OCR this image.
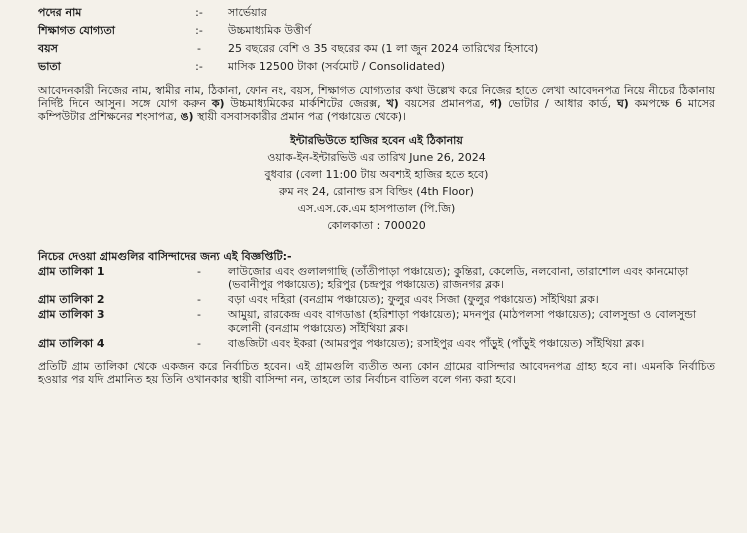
পদের নাম	:-	সার্ভেয়ার
শিক্ষাগত যোগ্যতা	:-	উচ্চমাধ্যমিক উত্তীর্ণ
বয়স	-	25 বছরের বেশি ও 35 বছরের কম (1 লা জুন 2024 তারিখের হিসাবে)
ভাতা	:-	মাসিক 12500 টাকা (সর্বমোট / Consolidated)

আবেদনকারী নিজের নাম, স্বামীর নাম, ঠিকানা, ফোন নং, বয়স, শিক্ষাগত যোগ্যতার কথা উল্লেখ করে নিজের হাতে লেখা আবেদনপত্র নিয়ে নীচের ঠিকানায় নির্দিষ্ট দিনে আসুন। সঙ্গে যোগ করুন ক) উচ্চমাধ্যমিকের মার্কশিটের জেরক্স, খ) বয়সের প্রমানপত্র, গ) ভোটার / আধার কার্ড, ঘ) কমপক্ষে 6 মাসের কম্পিউটার প্রশিক্ষনের শংসাপত্র, ঙ) স্থায়ী বসবাসকারীর প্রমান পত্র (পঞ্চায়েত থেকে)।

ইন্টারভিউতে হাজির হবেন এই ঠিকানায়
ওয়াক-ইন-ইন্টারভিউ এর তারিখ June 26, 2024
বুধবার (বেলা 11:00 টায় অবশ্যই হাজির হতে হবে)
রুম নং 24, রোনাল্ড রস বিল্ডিং (4th Floor)
এস.এস.কে.এম হাসপাতাল (পি.জি)
কোলকাতা : 700020
নিচের দেওয়া গ্রামগুলির বাসিন্দাদের জন্য এই বিজ্ঞপ্তিটি:-
গ্রাম তালিকা 1	-	লাউজোর এবং গুলালগাছি (তাঁতীপাড়া পঞ্চায়েত); কুন্তিরা, কেলেডি, নলবোনা, তারাশোল এবং কানমোড়া (ভবানীপুর পঞ্চায়েত); হরিপুর (চন্দ্রপুর পঞ্চায়েত) রাজনগর ব্লক।
গ্রাম তালিকা 2	-	বড়া এবং দহিরা (বনগ্রাম পঞ্চায়েত); ফুলুর এবং সিজা (ফুলুর পঞ্চায়েত) সাঁইথিয়া ব্লক।
গ্রাম তালিকা 3	-	আমুয়া, রারকেন্দ্র এবং বাগডাঙা (হরিশাড়া পঞ্চায়েত); মদনপুর (মাঠপলসা পঞ্চায়েত); বোলসুন্ডা ও বোলসুন্ডা কলোনী (বনগ্রাম পঞ্চায়েত) সাঁইথিয়া ব্লক।
গ্রাম তালিকা 4	-	বাঙজিটা এবং ইকরা (আমরপুর পঞ্চায়েত); রসাইপুর এবং পাঁড়ুই (পাঁড়ুই পঞ্চায়েত) সাঁইথিয়া ব্লক।

প্রতিটি গ্রাম তালিকা থেকে একজন করে নির্বাচিত হবেন। এই গ্রামগুলি ব্যতীত অন্য কোন গ্রামের বাসিন্দার আবেদনপত্র গ্রাহ্য হবে না। এমনকি নির্বাচিত হওয়ার পর যদি প্রমানিত হয় তিনি ওখানকার স্থায়ী বাসিন্দা নন, তাহলে তার নির্বাচন বাতিল বলে গন্য করা হবে।
